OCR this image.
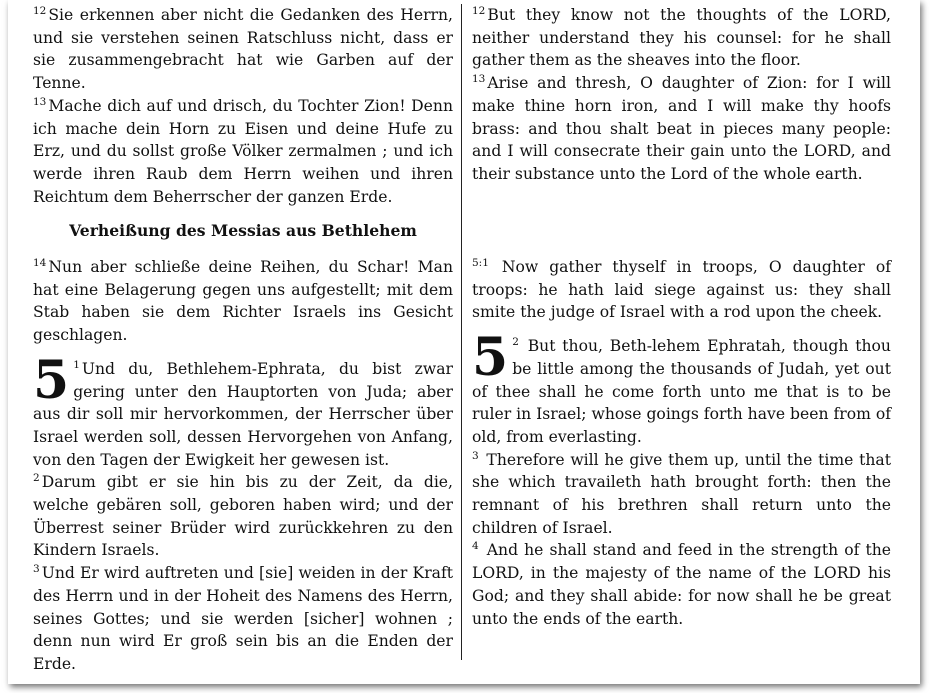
$^{12}$ Sie erkennen aber nicht die Gedanken des Herrn, und sie verstehen seinen Ratschluss nicht, dass er sie zusammengebracht hat wie Garben auf der Tenne.

$^{13}$ Mache dich auf und drisch, du Tochter Zion! Denn ich mache dein Horn zu Eisen und deine Hufe zu Erz, und du sollst große Völker zermalmen ; und ich werde ihren Raub dem Herrn weihen und ihren Reichtum dem Beherrscher der ganzen Erde.

Verheißung des Messias aus Bethlehem

$^{14}$ Nun aber schließe deine Reihen, du Schar! Man hat eine Belagerung gegen uns aufgestellt; mit dem Stab haben sie dem Richter Israels ins Gesicht geschlagen.

5 $^1$ Und du, Bethlehem-Ephrata, du bist zwar gering unter den Hauptorten von Juda; aber aus dir soll mir hervorkommen, der Herrscher über Israel werden soll, dessen Hervorgehen von Anfang, von den Tagen der Ewigkeit her gewesen ist.

$^2$ Darum gibt er sie hin bis zu der Zeit, da die, welche gebären soll, geboren haben wird; und der Überrest seiner Brüder wird zurückkehren zu den Kindern Israels.

$^3$ Und Er wird auftreten und [sie] weiden in der Kraft des Herrn und in der Hoheit des Namens des Herrn, seines Gottes; und sie werden [sicher] wohnen ; denn nun wird Er groß sein bis an die Enden der Erde.

$^{12}$ But they know not the thoughts of the LORD, neither understand they his counsel: for he shall gather them as the sheaves into the floor.

$^{13}$ Arise and thresh, O daughter of Zion: for I will make thine horn iron, and I will make thy hoofs brass: and thou shalt beat in pieces many people: and I will consecrate their gain unto the LORD, and their substance unto the Lord of the whole earth.

$^{5:1}$ Now gather thyself in troops, O daughter of troops: he hath laid siege against us: they shall smite the judge of Israel with a rod upon the cheek.

5 $^2$ But thou, Beth-lehem Ephratah, though thou be little among the thousands of Judah, yet out of thee shall he come forth unto me that is to be ruler in Israel; whose goings forth have been from of old, from everlasting.

$^3$ Therefore will he give them up, until the time that she which travaileth hath brought forth: then the remnant of his brethren shall return unto the children of Israel.

$^4$ And he shall stand and feed in the strength of the LORD, in the majesty of the name of the LORD his God; and they shall abide: for now shall he be great unto the ends of the earth.
